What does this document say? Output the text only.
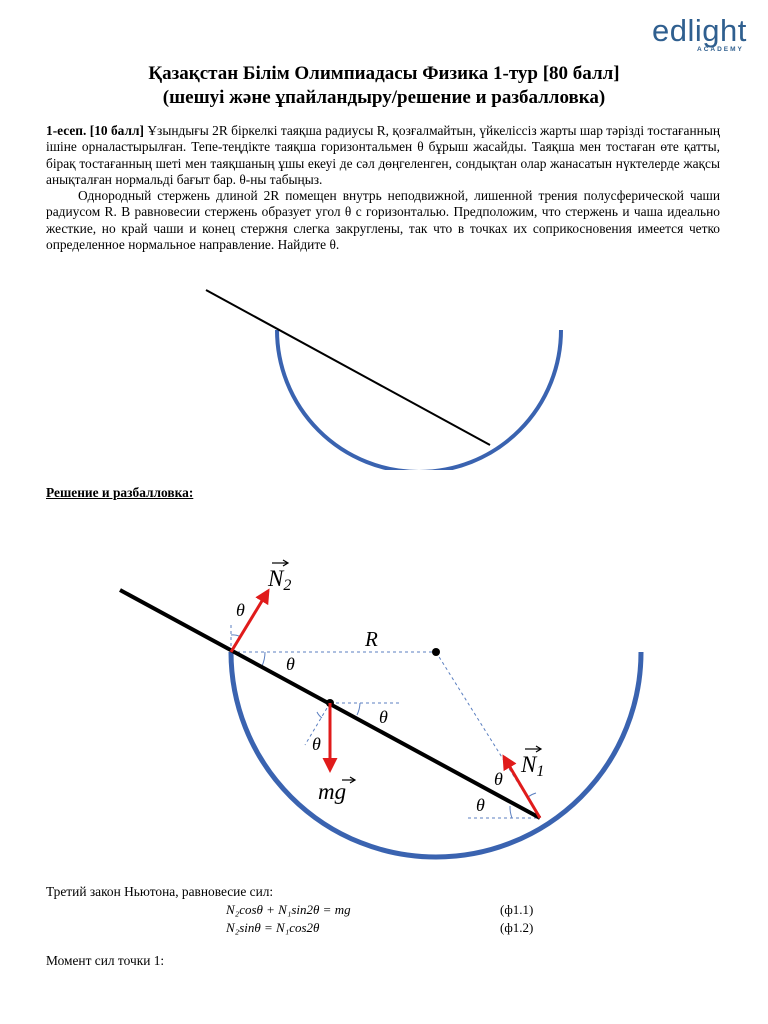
edlight
ACADEMY
Қазақстан Білім Олимпиадасы Физика 1-тур [80 балл]
(шешуі және ұпайландыру/решение и разбалловка)

1-есеп. [10 балл] Ұзындығы 2R біркелкі таяқша радиусы R, қозғалмайтын, үйкеліссіз жарты шар тәрізді тостағанның ішіне орналастырылған. Тепе-теңдікте таяқша горизонтальмен θ бұрыш жасайды. Таяқша мен тостаған өте қатты, бірақ тостағанның шеті мен таяқшаның ұшы екеуі де сәл дөңгеленген, сондықтан олар жанасатын нүктелерде жақсы анықталған нормальді бағыт бар. θ-ны табыңыз.

Однородный стержень длиной 2R помещен внутрь неподвижной, лишенной трения полусферической чаши радиусом R. В равновесии стержень образует угол θ с горизонталью. Предположим, что стержень и чаша идеально жесткие, но край чаши и конец стержня слегка закруглены, так что в точках их соприкосновения имеется четко определенное нормальное направление. Найдите θ.

Решение и разбалловка:
N2
N1
R
mg
θ
θ
θ
θ
θ
θ
Третий закон Ньютона, равновесие сил:
N₂cosθ + N₁sin2θ = mg	(ф1.1)
N₂sinθ = N₁cos2θ	(ф1.2)
Момент сил точки 1:
